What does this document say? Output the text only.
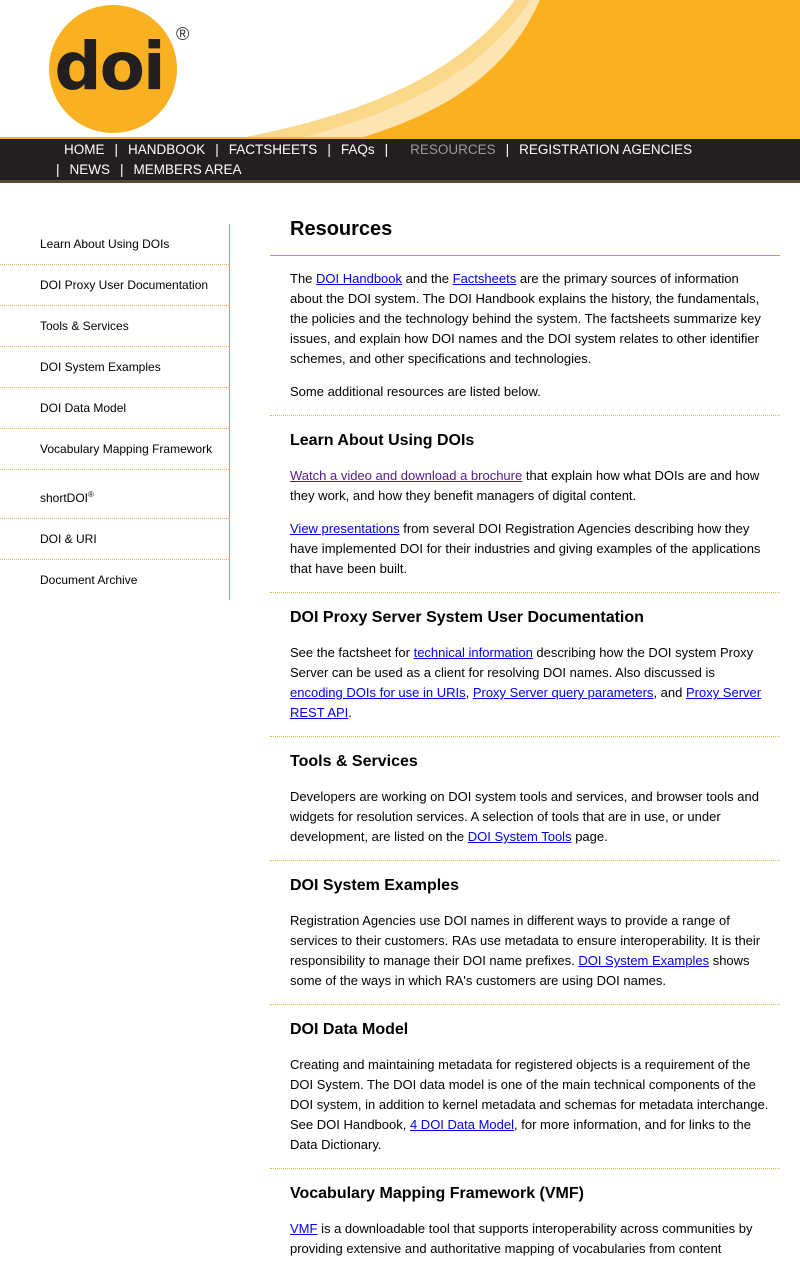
doi ®
HOME | HANDBOOK | FACTSHEETS | FAQs | RESOURCES | REGISTRATION AGENCIES
| NEWS | MEMBERS AREA
Learn About Using DOIs
DOI Proxy User Documentation
Tools & Services
DOI System Examples
DOI Data Model
Vocabulary Mapping Framework
shortDOI®
DOI & URI
Document Archive
Resources

The DOI Handbook and the Factsheets are the primary sources of information about the DOI system. The DOI Handbook explains the history, the fundamentals, the policies and the technology behind the system. The factsheets summarize key issues, and explain how DOI names and the DOI system relates to other identifier schemes, and other specifications and technologies.

Some additional resources are listed below.

Learn About Using DOIs

Watch a video and download a brochure that explain how what DOIs are and how they work, and how they benefit managers of digital content.

View presentations from several DOI Registration Agencies describing how they have implemented DOI for their industries and giving examples of the applications that have been built.

DOI Proxy Server System User Documentation

See the factsheet for technical information describing how the DOI system Proxy Server can be used as a client for resolving DOI names. Also discussed is encoding DOIs for use in URIs, Proxy Server query parameters, and Proxy Server REST API.

Tools & Services

Developers are working on DOI system tools and services, and browser tools and widgets for resolution services. A selection of tools that are in use, or under development, are listed on the DOI System Tools page.

DOI System Examples

Registration Agencies use DOI names in different ways to provide a range of services to their customers. RAs use metadata to ensure interoperability. It is their responsibility to manage their DOI name prefixes. DOI System Examples shows some of the ways in which RA's customers are using DOI names.

DOI Data Model

Creating and maintaining metadata for registered objects is a requirement of the DOI System. The DOI data model is one of the main technical components of the DOI system, in addition to kernel metadata and schemas for metadata interchange. See DOI Handbook, 4 DOI Data Model, for more information, and for links to the Data Dictionary.

Vocabulary Mapping Framework (VMF)

VMF is a downloadable tool that supports interoperability across communities by providing extensive and authoritative mapping of vocabularies from content
